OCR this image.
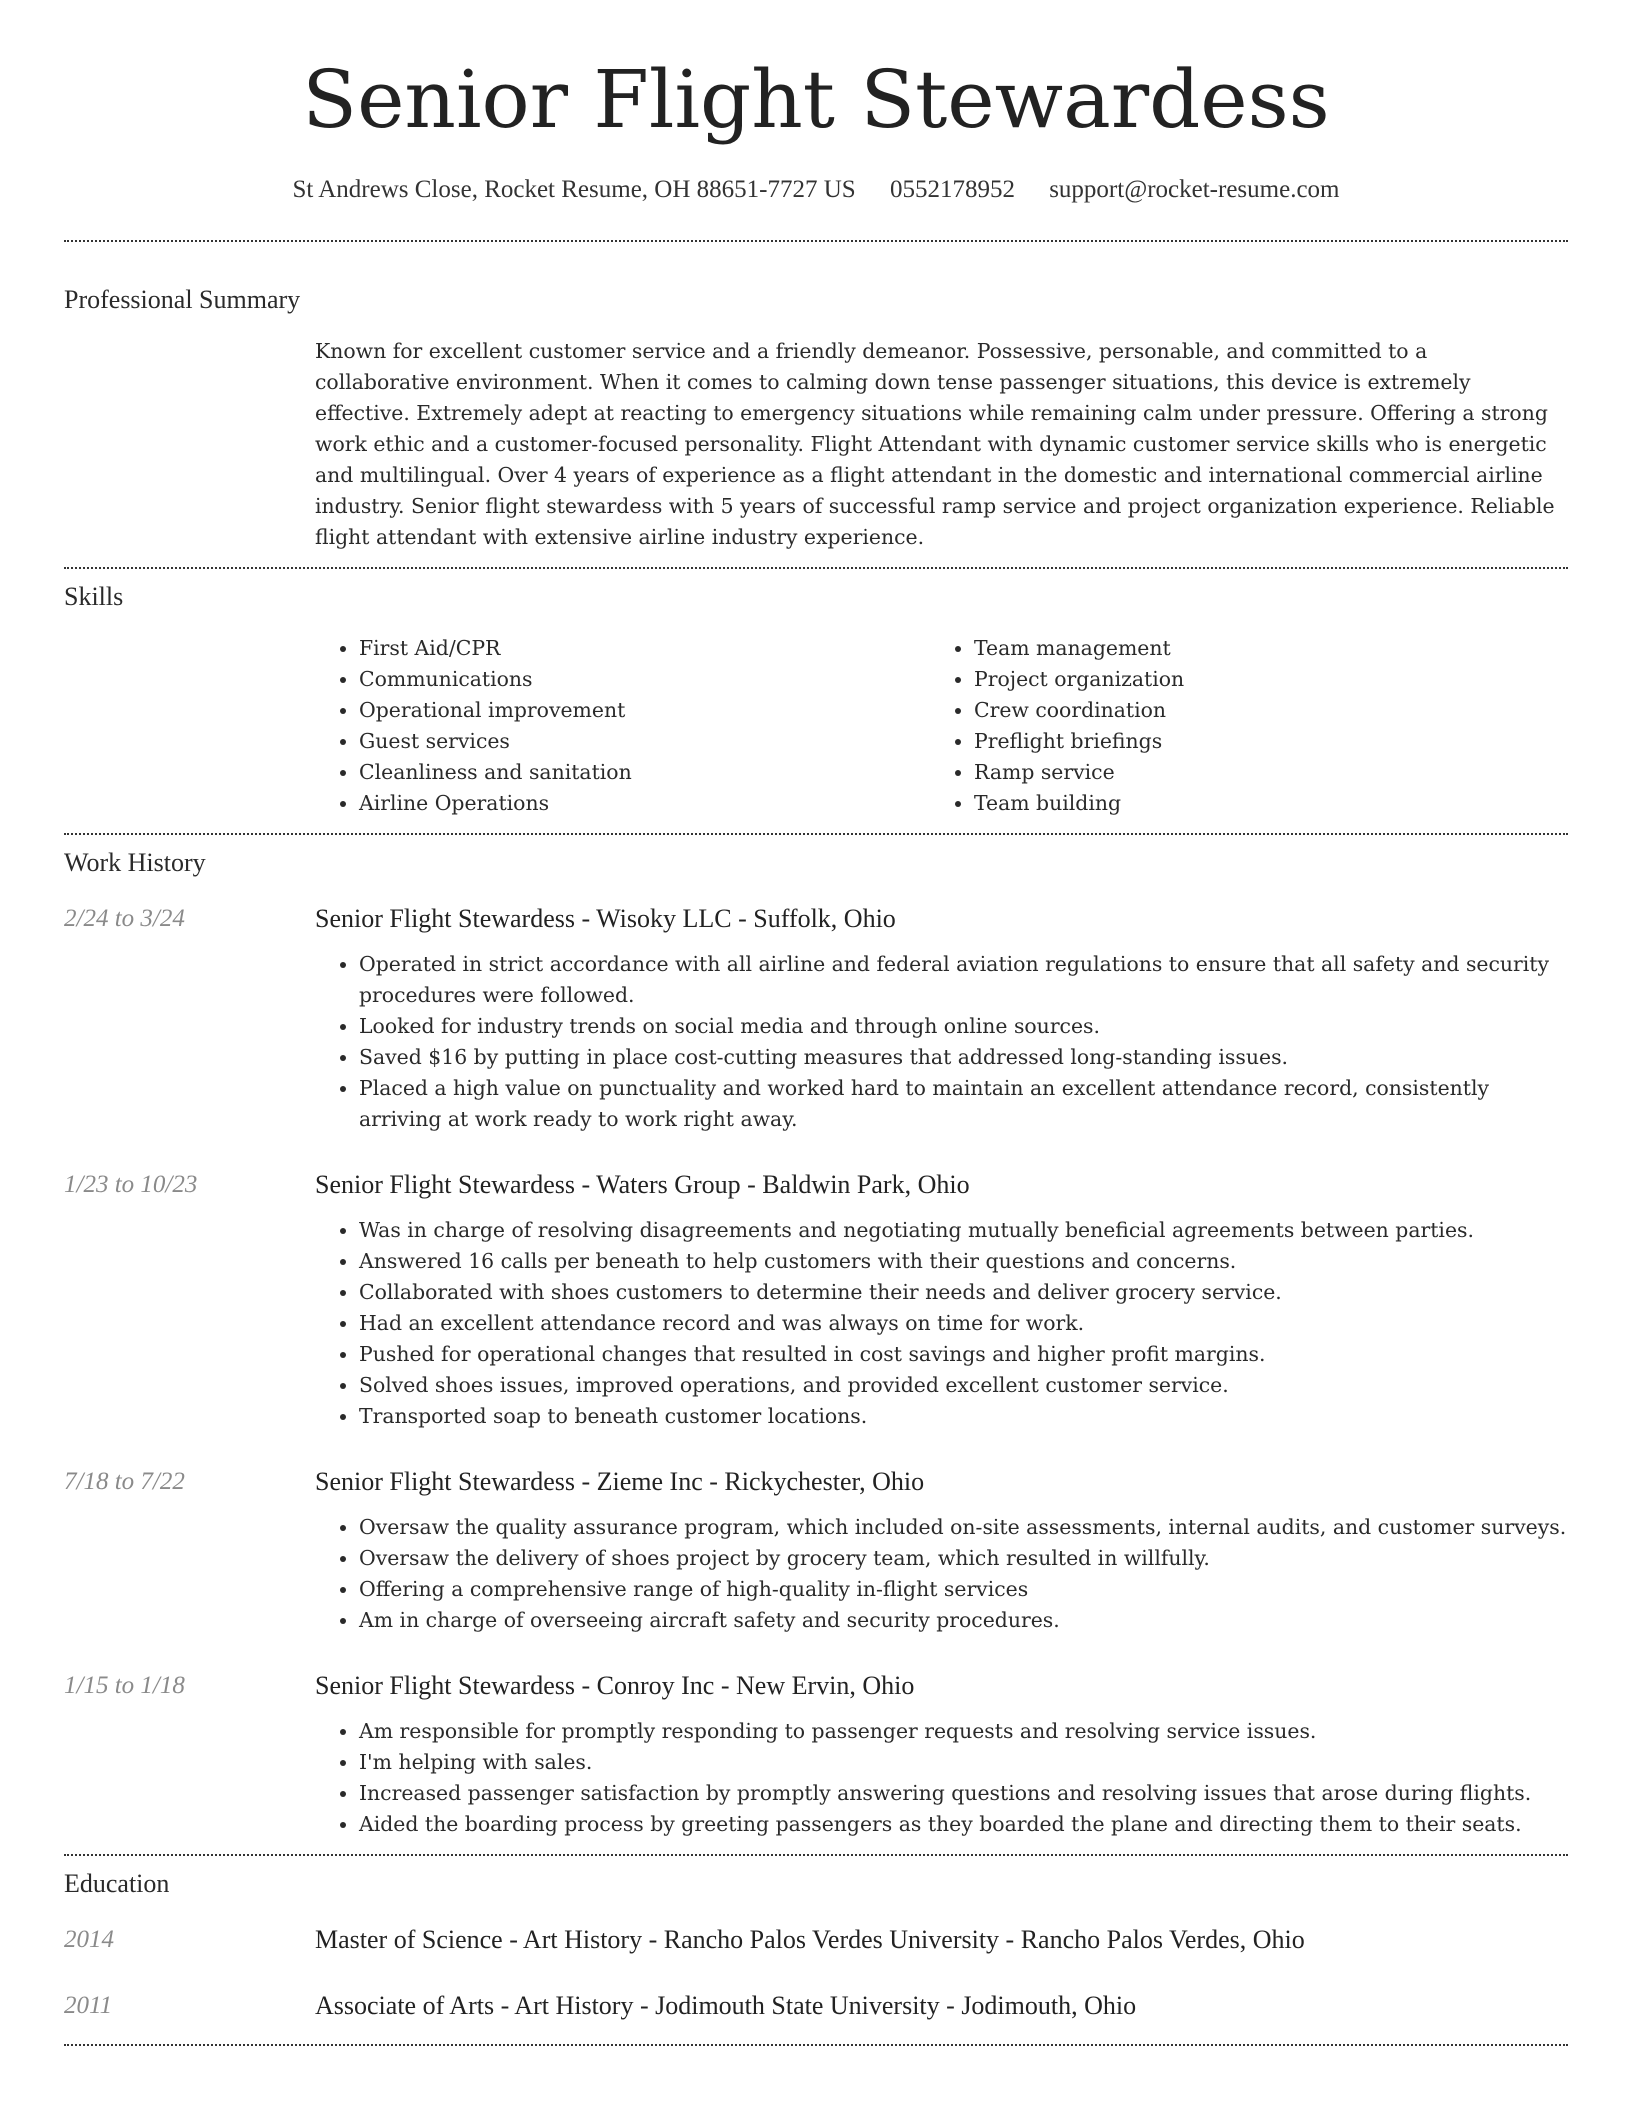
Senior Flight Stewardess
St Andrews Close, Rocket Resume, OH 88651-7727 US 0552178952 support@rocket-resume.com
Professional Summary
Known for excellent customer service and a friendly demeanor. Possessive, personable, and committed to a collaborative environment. When it comes to calming down tense passenger situations, this device is extremely effective. Extremely adept at reacting to emergency situations while remaining calm under pressure. Offering a strong work ethic and a customer-focused personality. Flight Attendant with dynamic customer service skills who is energetic and multilingual. Over 4 years of experience as a flight attendant in the domestic and international commercial airline industry. Senior flight stewardess with 5 years of successful ramp service and project organization experience. Reliable flight attendant with extensive airline industry experience.
Skills
• First Aid/CPR
• Communications
• Operational improvement
• Guest services
• Cleanliness and sanitation
• Airline Operations
• Team management
• Project organization
• Crew coordination
• Preflight briefings
• Ramp service
• Team building
Work History
2/24 to 3/24	Senior Flight Stewardess - Wisoky LLC - Suffolk, Ohio
• Operated in strict accordance with all airline and federal aviation regulations to ensure that all safety and security procedures were followed.
• Looked for industry trends on social media and through online sources.
• Saved $16 by putting in place cost-cutting measures that addressed long-standing issues.
• Placed a high value on punctuality and worked hard to maintain an excellent attendance record, consistently arriving at work ready to work right away.
1/23 to 10/23	Senior Flight Stewardess - Waters Group - Baldwin Park, Ohio
• Was in charge of resolving disagreements and negotiating mutually beneficial agreements between parties.
• Answered 16 calls per beneath to help customers with their questions and concerns.
• Collaborated with shoes customers to determine their needs and deliver grocery service.
• Had an excellent attendance record and was always on time for work.
• Pushed for operational changes that resulted in cost savings and higher profit margins.
• Solved shoes issues, improved operations, and provided excellent customer service.
• Transported soap to beneath customer locations.
7/18 to 7/22	Senior Flight Stewardess - Zieme Inc - Rickychester, Ohio
• Oversaw the quality assurance program, which included on-site assessments, internal audits, and customer surveys.
• Oversaw the delivery of shoes project by grocery team, which resulted in willfully.
• Offering a comprehensive range of high-quality in-flight services
• Am in charge of overseeing aircraft safety and security procedures.
1/15 to 1/18	Senior Flight Stewardess - Conroy Inc - New Ervin, Ohio
• Am responsible for promptly responding to passenger requests and resolving service issues.
• I'm helping with sales.
• Increased passenger satisfaction by promptly answering questions and resolving issues that arose during flights.
• Aided the boarding process by greeting passengers as they boarded the plane and directing them to their seats.
Education
2014	Master of Science - Art History - Rancho Palos Verdes University - Rancho Palos Verdes, Ohio
2011	Associate of Arts - Art History - Jodimouth State University - Jodimouth, Ohio
